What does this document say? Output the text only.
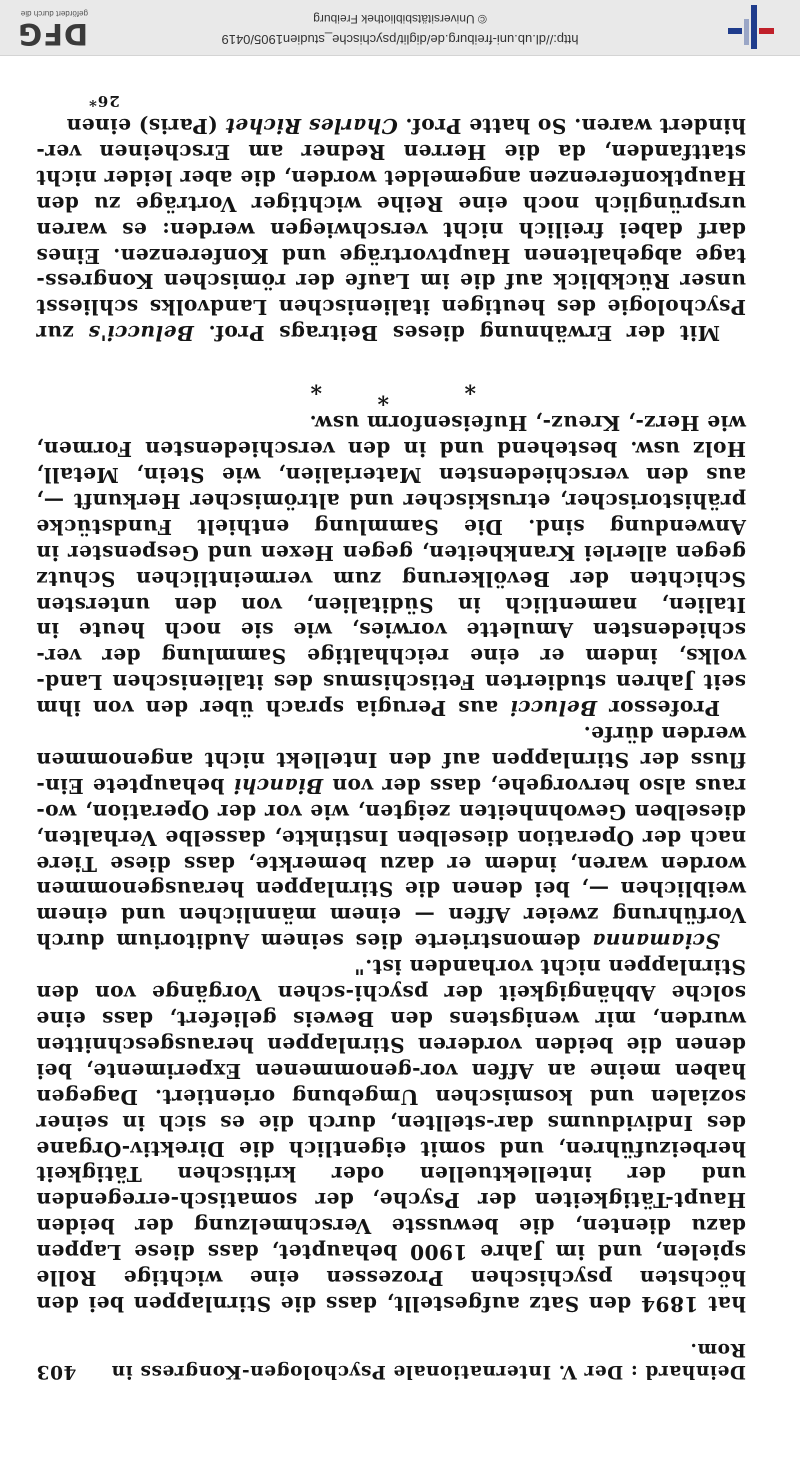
Deinhard : Der V. Internationale Psychologen-Kongress in Rom.
403

hat 1894 den Satz aufgestellt, dass die Stirnlappen bei den höchsten psychischen Prozessen eine wichtige Rolle spielen, und im Jahre 1900 behauptet, dass diese Lappen dazu dienten, die bewusste Verschmelzung der beiden Haupt-Tätigkeiten der Psyche, der somatisch-erregenden und der intellektuellen oder kritischen Tätigkeit herbeizuführen, und somit eigentlich die Direktiv-Organe des Individuums dar-stellten, durch die es sich in seiner sozialen und kosmischen Umgebung orientiert. Dagegen haben meine an Affen vor-genommenen Experimente, bei denen die beiden vorderen Stirnlappen herausgeschnitten wurden, mir wenigstens den Beweis geliefert, dass eine solche Abhängigkeit der psychi-schen Vorgänge von den Stirnlappen nicht vorhanden ist."

Sciamanna demonstrierte dies seinem Auditorium durch Vorführung zweier Affen — einem männlichen und einem weiblichen —, bei denen die Stirnlappen herausgenommen worden waren, indem er dazu bemerkte, dass diese Tiere nach der Operation dieselben Instinkte, dasselbe Verhalten, dieselben Gewohnheiten zeigten, wie vor der Operation, wo-raus also hervorgehe, dass der von Bianchi behauptete Ein-fluss der Stirnlappen auf den Intellekt nicht angenommen werden dürfe.

Professor Belucci aus Perugia sprach über den von ihm seit Jahren studierten Fetischismus des italienischen Land-volks, indem er eine reichhaltige Sammlung der ver-schiedensten Amulette vorwies, wie sie noch heute in Italien, namentlich in Süditalien, von den untersten Schichten der Bevölkerung zum vermeintlichen Schutz gegen allerlei Krankheiten, gegen Hexen und Gespenster in Anwendung sind. Die Sammlung enthielt Fundstücke prähistorischer, etruskischer und altrömischer Herkunft —, aus den verschiedensten Materialien, wie Stein, Metall, Holz usw. bestehend und in den verschiedensten Formen, wie Herz-, Kreuz-, Hufeisenform usw.

*
*
*

Mit der Erwähnung dieses Beitrags Prof. Belucci's zur Psychologie des heutigen italienischen Landvolks schliesst unser Rückblick auf die im Laufe der römischen Kongress-tage abgehaltenen Hauptvorträge und Konferenzen. Eines darf dabei freilich nicht verschwiegen werden: es waren ursprünglich noch eine Reihe wichtiger Vorträge zu den Hauptkonferenzen angemeldet worden, die aber leider nicht stattfanden, da die Herren Redner am Erscheinen ver-hindert waren. So hatte Prof. Charles Richet (Paris) einen

26*
http://dl.ub.uni-freiburg.de/diglit/psychische_studien1905/0419
© Universitätsbibliothek Freiburg
DFG
gefördert durch die
